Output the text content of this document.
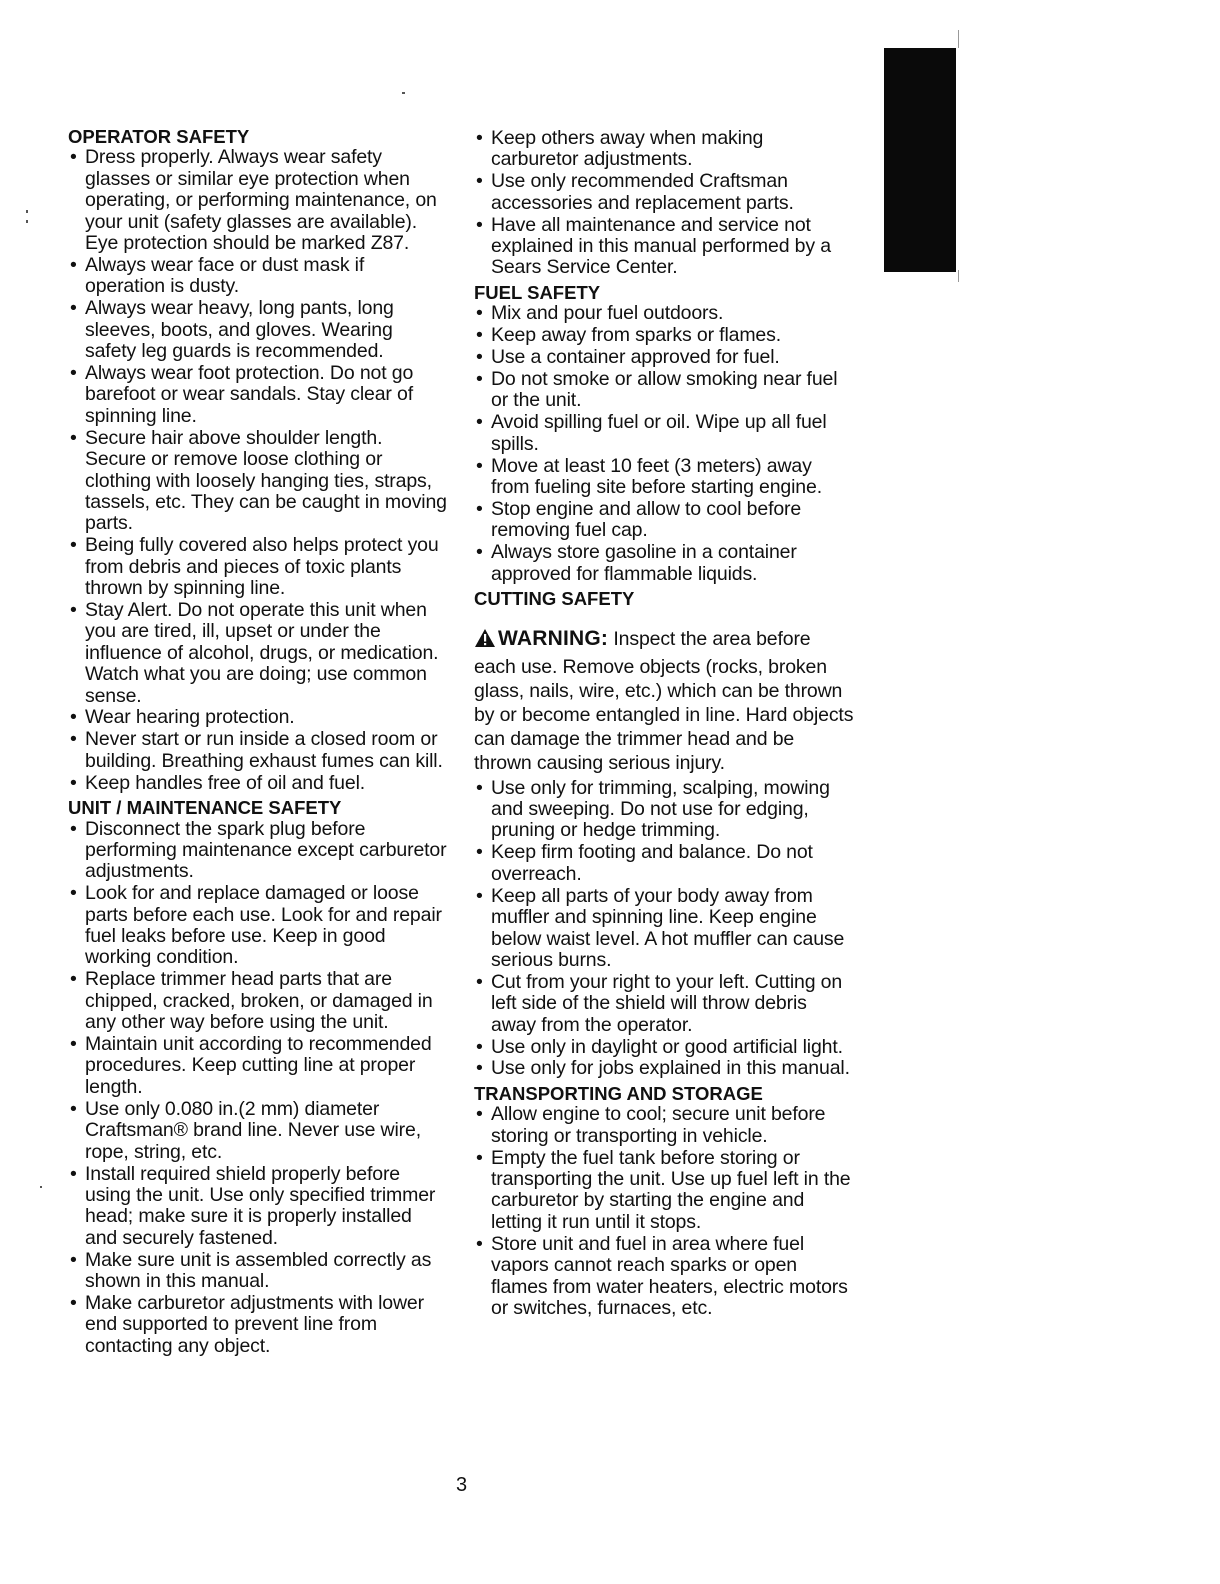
OPERATOR SAFETY
• Dress properly. Always wear safety glasses or similar eye protection when operating, or performing maintenance, on your unit (safety glasses are available). Eye protection should be marked Z87.
• Always wear face or dust mask if operation is dusty.
• Always wear heavy, long pants, long sleeves, boots, and gloves. Wearing safety leg guards is recommended.
• Always wear foot protection. Do not go barefoot or wear sandals. Stay clear of spinning line.
• Secure hair above shoulder length. Secure or remove loose clothing or clothing with loosely hanging ties, straps, tassels, etc. They can be caught in moving parts.
• Being fully covered also helps protect you from debris and pieces of toxic plants thrown by spinning line.
• Stay Alert. Do not operate this unit when you are tired, ill, upset or under the influence of alcohol, drugs, or medication. Watch what you are doing; use common sense.
• Wear hearing protection.
• Never start or run inside a closed room or building. Breathing exhaust fumes can kill.
• Keep handles free of oil and fuel.
UNIT / MAINTENANCE SAFETY
• Disconnect the spark plug before performing maintenance except carburetor adjustments.
• Look for and replace damaged or loose parts before each use. Look for and repair fuel leaks before use. Keep in good working condition.
• Replace trimmer head parts that are chipped, cracked, broken, or damaged in any other way before using the unit.
• Maintain unit according to recommended procedures. Keep cutting line at proper length.
• Use only 0.080 in.(2 mm) diameter Craftsman® brand line. Never use wire, rope, string, etc.
• Install required shield properly before using the unit. Use only specified trimmer head; make sure it is properly installed and securely fastened.
• Make sure unit is assembled correctly as shown in this manual.
• Make carburetor adjustments with lower end supported to prevent line from contacting any object.
• Keep others away when making carburetor adjustments.
• Use only recommended Craftsman accessories and replacement parts.
• Have all maintenance and service not explained in this manual performed by a Sears Service Center.
FUEL SAFETY
• Mix and pour fuel outdoors.
• Keep away from sparks or flames.
• Use a container approved for fuel.
• Do not smoke or allow smoking near fuel or the unit.
• Avoid spilling fuel or oil. Wipe up all fuel spills.
• Move at least 10 feet (3 meters) away from fueling site before starting engine.
• Stop engine and allow to cool before removing fuel cap.
• Always store gasoline in a container approved for flammable liquids.
CUTTING SAFETY
WARNING: Inspect the area before each use. Remove objects (rocks, broken glass, nails, wire, etc.) which can be thrown by or become entangled in line. Hard objects can damage the trimmer head and be thrown causing serious injury.
• Use only for trimming, scalping, mowing and sweeping. Do not use for edging, pruning or hedge trimming.
• Keep firm footing and balance. Do not overreach.
• Keep all parts of your body away from muffler and spinning line. Keep engine below waist level. A hot muffler can cause serious burns.
• Cut from your right to your left. Cutting on left side of the shield will throw debris away from the operator.
• Use only in daylight or good artificial light.
• Use only for jobs explained in this manual.
TRANSPORTING AND STORAGE
• Allow engine to cool; secure unit before storing or transporting in vehicle.
• Empty the fuel tank before storing or transporting the unit. Use up fuel left in the carburetor by starting the engine and letting it run until it stops.
• Store unit and fuel in area where fuel vapors cannot reach sparks or open flames from water heaters, electric motors or switches, furnaces, etc.
3
